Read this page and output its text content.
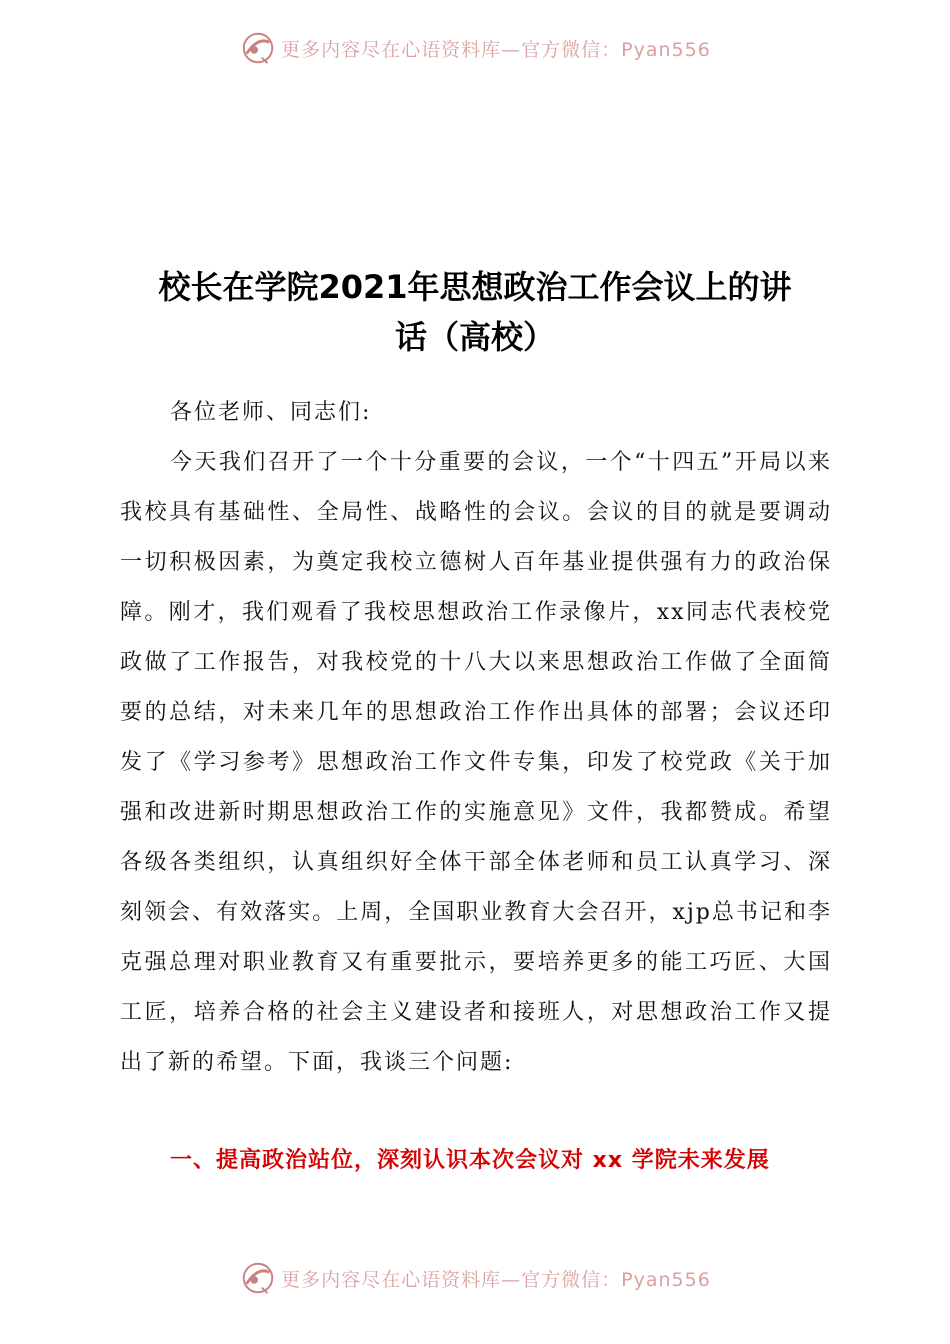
更多内容尽在心语资料库—官方微信：Pyan556
校长在学院2021年思想政治工作会议上的讲
话（高校）

各位老师、同志们:

今天我们召开了一个十分重要的会议，一个“十四五”开局以来我校具有基础性、全局性、战略性的会议。会议的目的就是要调动一切积极因素，为奠定我校立德树人百年基业提供强有力的政治保障。刚才，我们观看了我校思想政治工作录像片，xx同志代表校党政做了工作报告，对我校党的十八大以来思想政治工作做了全面简要的总结，对未来几年的思想政治工作作出具体的部署；会议还印发了《学习参考》思想政治工作文件专集，印发了校党政《关于加强和改进新时期思想政治工作的实施意见》文件，我都赞成。希望各级各类组织，认真组织好全体干部全体老师和员工认真学习、深刻领会、有效落实。上周，全国职业教育大会召开，xjp总书记和李克强总理对职业教育又有重要批示，要培养更多的能工巧匠、大国工匠，培养合格的社会主义建设者和接班人，对思想政治工作又提出了新的希望。下面，我谈三个问题:

一、提高政治站位，深刻认识本次会议对 xx 学院未来发展
更多内容尽在心语资料库—官方微信：Pyan556
